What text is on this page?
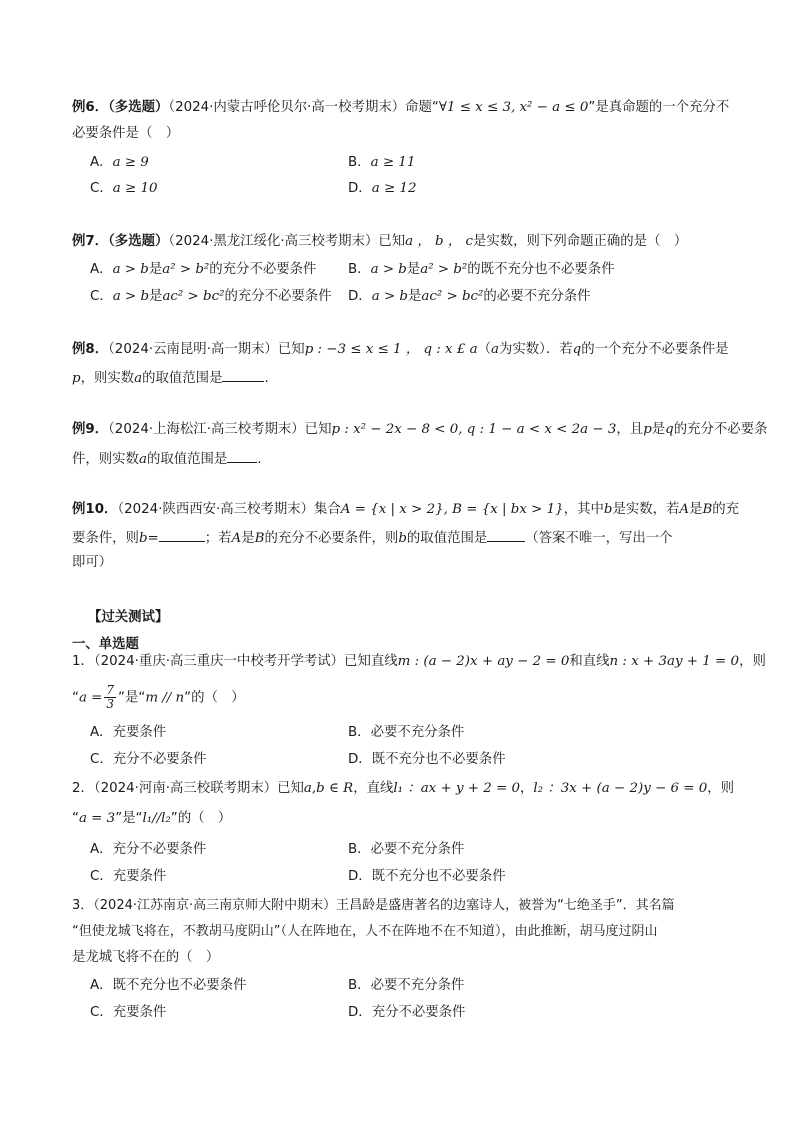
例6．（多选题）（2024·内蒙古呼伦贝尔·高一校考期末）命题“∀1 ≤ x ≤ 3, x² − a ≤ 0”是真命题的一个充分不
必要条件是（　）
A．a ≥ 9	B．a ≥ 11
C．a ≥ 10	D．a ≥ 12
例7．（多选题）（2024·黑龙江绥化·高三校考期末）已知a ， b ， c是实数，则下列命题正确的是（　）
A．a > b是a² > b²的充分不必要条件 B．a > b是a² > b²的既不充分也不必要条件
C．a > b是ac² > bc²的充分不必要条件 D．a > b是ac² > bc²的必要不充分条件
例8．（2024·云南昆明·高一期末）已知p : −3 ≤ x ≤ 1 ， q : x £ a（a为实数）．若q的一个充分不必要条件是
p，则实数a的取值范围是	.
例9．（2024·上海松江·高三校考期末）已知p : x² − 2x − 8 < 0, q : 1 − a < x < 2a − 3，且p是q的充分不必要条
件，则实数a的取值范围是 .
例10．（2024·陕西西安·高三校考期末）集合A = {x | x > 2}, B = {x | bx > 1}，其中b是实数，若A是B的充
要条件，则b=	；若A是B的充分不必要条件，则b的取值范围是	（答案不唯一，写出一个
即可）
【过关测试】
一、单选题
1．（2024·重庆·高三重庆一中校考开学考试）已知直线m : (a − 2)x + ay − 2 = 0和直线n : x + 3ay + 1 = 0，则
“$a = \frac{7}{3}$ ”是“m // n”的（　）
A．充要条件	B．必要不充分条件
C．充分不必要条件	D．既不充分也不必要条件
2．（2024·河南·高三校联考期末）已知a,b ∈ R，直线l₁ ：ax + y + 2 = 0，l₂ ：3x + (a − 2)y − 6 = 0，则
“a = 3”是“l₁//l₂”的（　）
A．充分不必要条件	B．必要不充分条件
C．充要条件	D．既不充分也不必要条件
3．（2024·江苏南京·高三南京师大附中期末）王昌龄是盛唐著名的边塞诗人，被誉为“七绝圣手”．其名篇
“但使龙城飞将在，不教胡马度阴山”（人在阵地在，人不在阵地不在不知道），由此推断，胡马度过阴山
是龙城飞将不在的（　）
A．既不充分也不必要条件	B．必要不充分条件
C．充要条件	D．充分不必要条件
